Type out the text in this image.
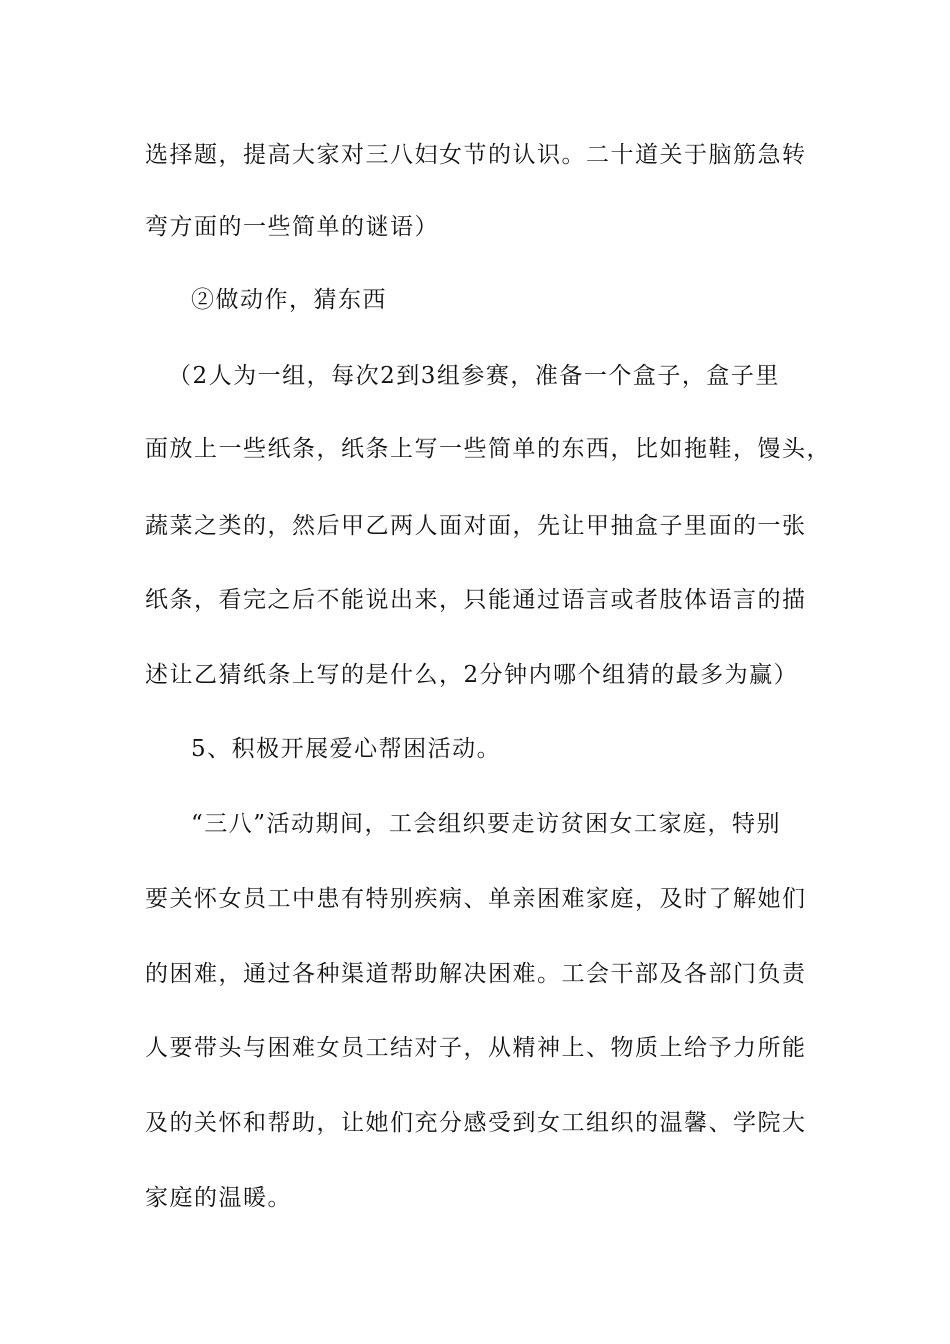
选择题，提高大家对三八妇女节的认识。二十道关于脑筋急转
弯方面的一些简单的谜语）
②做动作，猜东西
（2人为一组，每次2到3组参赛，准备一个盒子，盒子里
面放上一些纸条，纸条上写一些简单的东西，比如拖鞋，馒头，
蔬菜之类的，然后甲乙两人面对面，先让甲抽盒子里面的一张
纸条，看完之后不能说出来，只能通过语言或者肢体语言的描
述让乙猜纸条上写的是什么，2分钟内哪个组猜的最多为赢）
5、积极开展爱心帮困活动。
“三八”活动期间，工会组织要走访贫困女工家庭，特别
要关怀女员工中患有特别疾病、单亲困难家庭，及时了解她们
的困难，通过各种渠道帮助解决困难。工会干部及各部门负责
人要带头与困难女员工结对子，从精神上、物质上给予力所能
及的关怀和帮助，让她们充分感受到女工组织的温馨、学院大
家庭的温暖。
